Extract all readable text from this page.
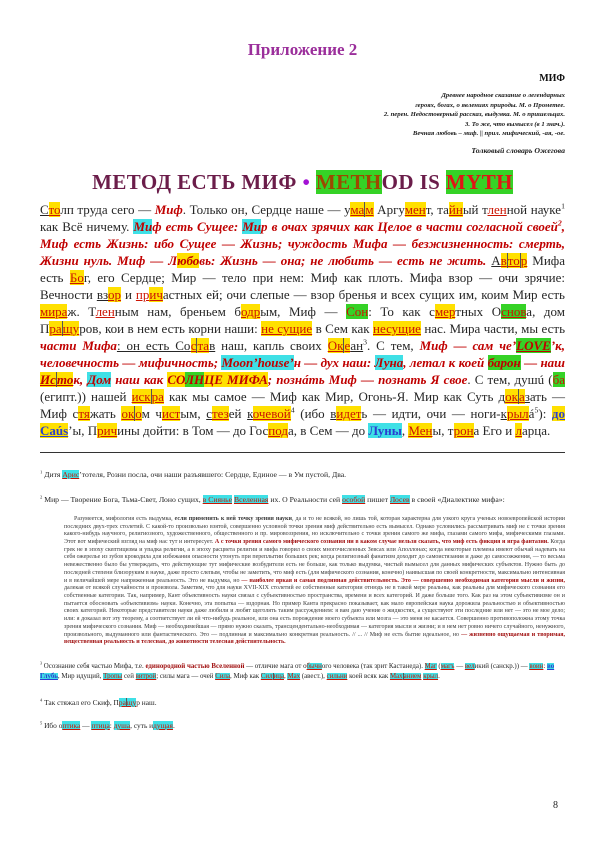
Приложение 2
МИФ
Древнее народное сказание о легендарных
героях, богах, о явлениях природы. М. о Прометее.
2. перен. Недостоверный рассказ, выдумка. М. о пришельцах.
3. То же, что вымысел (в 1 знач.).
Вечная любовь – миф. || прил. мифический, -ая, -ое.
Толковый словарь Ожегова
МЕТОД ЕСТЬ МИФ • METHOD IS MYTH

Столп труда сего — Миф. Только он, Сердце наше — умам Аргумент, тайный тленной науке$^1$ как Всё ничему. Миф есть Сущее: Мир в очах зрячих как Целое в части согласной своей$^2$, Миф есть Жизнь: ибо Сущее — Жизнь; чуждость Мифа — безжизненность: смерть, Жизни нуль. Миф — Любовь: Жизнь — она; не любить — есть не жить. Автор Мифа есть Бог, его Сердце; Мир — тело при нем: Миф как плоть. Мифа взор — очи зрячие: Вечности взор и причастных ей; очи слепые — взор бренья и всех сущих им, коим Мир есть мираж. Тленным нам, бреньем бодрым, Миф — Сон: То как смертных Основа, дом Пращуров, кои в нем есть корни наши: не сущие в Сем как несущие нас. Мира части, мы есть части Мифа: он есть Состав наш, капль своих Океан$^3$. С тем, Миф — сам че’LOVE’к, человечность — мифичность; Moon’house’н — дух наш: Луна, летал к коей барон — наш Исток, Дом наш как СОЛНЦЕ МИФА; познáть Миф — познать Я свое. С тем, душú (ба (египт.)) нашей искра как мы самое — Миф как Мир, Огонь-Я. Мир как Суть доказать — Миф стяжать оком чистым, стезей кочевой$^4$ (ибо видеть — идти, очи — ноги-крылá$^5$): до Саús’ы, Причины дойти: в Том — до Господа, в Сем — до Луны, Мены, трона Его и ларца.

$^1$ Дитя Арис’тотеля, Розни посла, очи наши разъявшего: Сердце, Единое — в Ум пустой, Два.
$^2$ Мир — Творение Бога, Тьма-Свет, Лоно сущих, в Сиянье Вселенная их. О Реальности сей особой пишет Лосев в своей «Диалектике мифа»:
Разумеется, мифология есть выдумка, если применить к ней точку зрения науки, да и то не всякой, но лишь той, которая характерна для узкого круга ученых новоевропейской истории последних двух-трех столетий. С какой-то произвольно взятой, совершенно условной точки зрения миф действительно есть вымысел. Однако условились рассматривать миф не с точки зрения какого-нибудь научного, религиозного, художественного, общественного и пр. мировоззрения, но исключительно с точки зрения самого же мифа, глазами самого мифа, мифическими глазами. Этот вот мифический взгляд на миф нас тут и интересует. А с точки зрения самого мифического сознания ни в каком случае нельзя сказать, что миф есть фикция и игра фантазии. Когда грек не в эпоху скептицизма и упадка религии, а в эпоху расцвета религии и мифа говорил о своих многочисленных Зевсах или Аполлонах; когда некоторые племена имеют обычай надевать на себя ожерелье из зубов крокодила для избежания опасности утонуть при переплытии больших рек; когда религиозный фанатизм доходит до самоистязания и даже до самосожжения, — то весьма невежественно было бы утверждать, что действующие тут мифические возбудители есть не больше, как только выдумка, чистый вымысел для данных мифических субъектов. Нужно быть до последней степени близоруким в науке, даже просто слепым, чтобы не заметить, что миф есть (для мифического сознания, конечно) наивысшая по своей конкретности, максимально интенсивная и в величайшей мере напряженная реальность. Это не выдумка, но — наиболее яркая и самая подлинная действительность. Это — совершенно необходимая категория мысли и жизни, далекая от всякой случайности и произвола. Заметим, что для науки XVII-XIX столетий ее собственные категории отнюдь не в такой мере реальны, как реальны для мифического сознания его собственные категории. Так, например, Кант объективность науки связал с субъективностью пространства, времени и всех категорий. И даже больше того. Как раз на этом субъективизме он и пытается обосновать «объективизм» науки. Конечно, эта попытка — вздорная. Но пример Канта прекрасно показывает, как мало европейская наука дорожила реальностью и объективностью своих категорий. Некоторые представители науки даже любили и любят щеголять таким рассуждением: я вам даю учение о жидкостях, а существуют эти последние или нет — это не мое дело; или: я доказал вот эту теорему, а соответствует ли ей что-нибудь реальное, или она есть порождение моего субъекта или мозга — это меня не касается. Совершенно противоположна этому точка зрения мифического сознания. Миф — необходимейшая — прямо нужно сказать, трансцендентально-необходимая — категория мысли и жизни; и в нем нет ровно ничего случайного, ненужного, произвольного, выдуманного или фантастического. Это — подлинная и максимально конкретная реальность. // ... // Миф не есть бытие идеальное, но — жизненно ощущаемая и творимая, вещественная реальность и телесная, до животности телесная действительность.
$^3$ Осознание себя частью Мифа, т.е. единородной частью Вселенной — отличие мага от обычного человека (так зрит Кастанеда). Маг (магъ — великий (санскр.)) — воин: во Глубь, Мир идущий, Тропы сей витрой; силы мага — очей Сила, Миф как Силица, Мах (авест.), сильни коей всяк как Маханием крыл.
$^4$ Так стяжал его Скиф, Пращур наш.
$^5$ Ибо оптика — птица: душа, суть идущая.
8
